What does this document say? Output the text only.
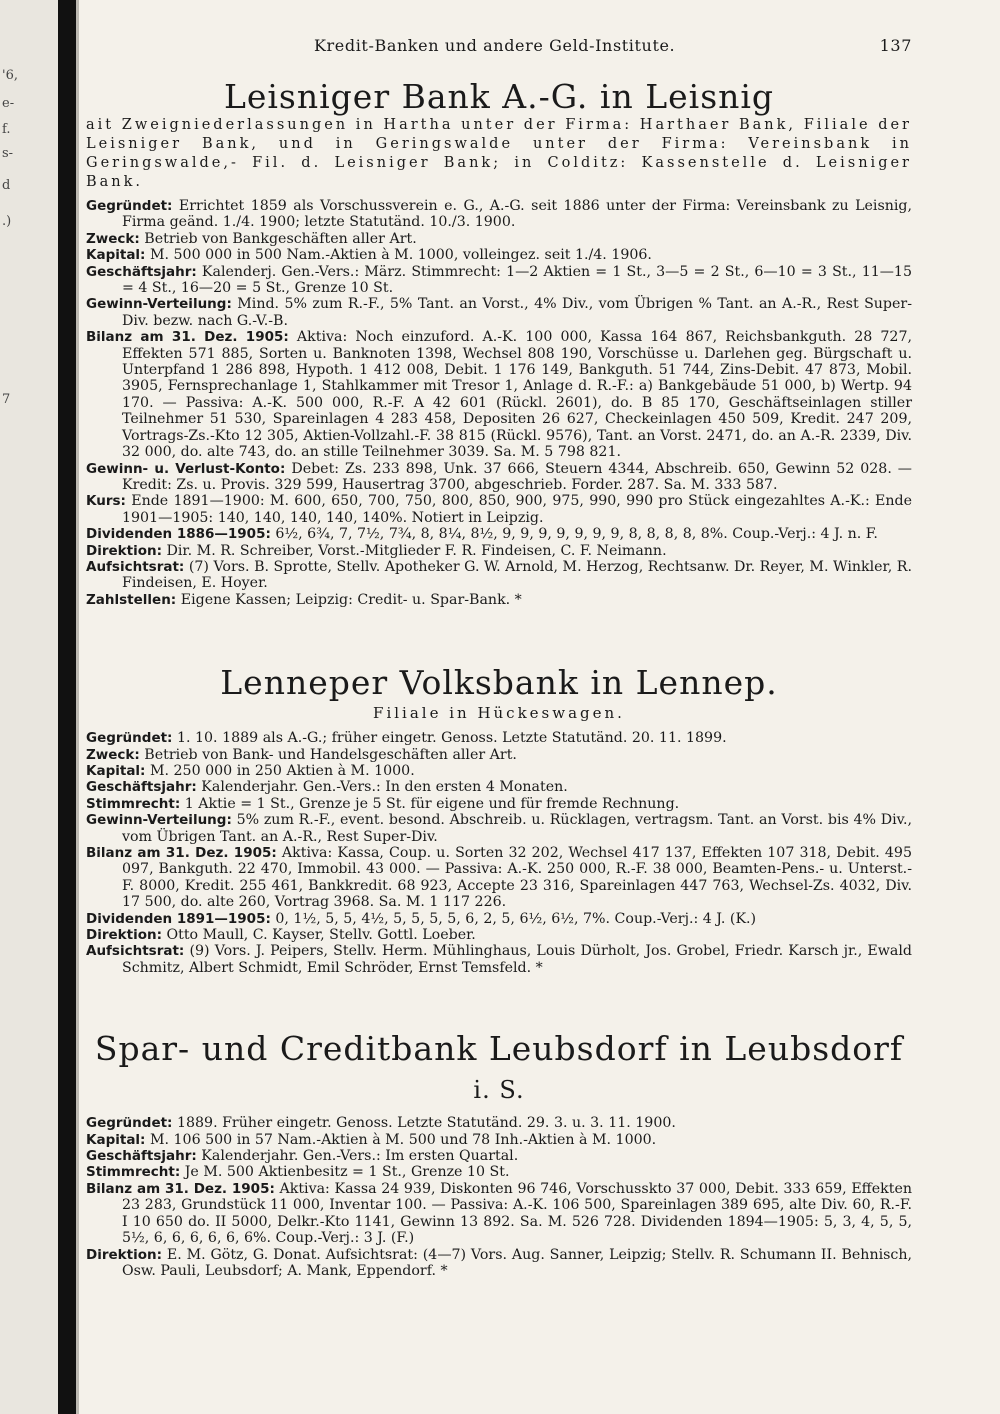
'6,
e-
f.
s-
d
.)
7
Kredit-Banken und andere Geld-Institute.	137
Leisniger Bank A.-G. in Leisnig

ait Zweigniederlassungen in Hartha unter der Firma: Harthaer Bank, Filiale der Leisniger Bank, und in Geringswalde unter der Firma: Vereinsbank in Geringswalde,- Fil. d. Leisniger Bank; in Colditz: Kassenstelle d. Leisniger Bank.

Gegründet: Errichtet 1859 als Vorschussverein e. G., A.-G. seit 1886 unter der Firma: Vereinsbank zu Leisnig, Firma geänd. 1./4. 1900; letzte Statutänd. 10./3. 1900.

Zweck: Betrieb von Bankgeschäften aller Art.

Kapital: M. 500 000 in 500 Nam.-Aktien à M. 1000, volleingez. seit 1./4. 1906.

Geschäftsjahr: Kalenderj. Gen.-Vers.: März. Stimmrecht: 1—2 Aktien = 1 St., 3—5 = 2 St., 6—10 = 3 St., 11—15 = 4 St., 16—20 = 5 St., Grenze 10 St.

Gewinn-Verteilung: Mind. 5% zum R.-F., 5% Tant. an Vorst., 4% Div., vom Übrigen % Tant. an A.-R., Rest Super-Div. bezw. nach G.-V.-B.

Bilanz am 31. Dez. 1905: Aktiva: Noch einzuford. A.-K. 100 000, Kassa 164 867, Reichsbankguth. 28 727, Effekten 571 885, Sorten u. Banknoten 1398, Wechsel 808 190, Vorschüsse u. Darlehen geg. Bürgschaft u. Unterpfand 1 286 898, Hypoth. 1 412 008, Debit. 1 176 149, Bankguth. 51 744, Zins-Debit. 47 873, Mobil. 3905, Fernsprechanlage 1, Stahlkammer mit Tresor 1, Anlage d. R.-F.: a) Bankgebäude 51 000, b) Wertp. 94 170. — Passiva: A.-K. 500 000, R.-F. A 42 601 (Rückl. 2601), do. B 85 170, Geschäftseinlagen stiller Teilnehmer 51 530, Spareinlagen 4 283 458, Depositen 26 627, Checkeinlagen 450 509, Kredit. 247 209, Vortrags-Zs.-Kto 12 305, Aktien-Vollzahl.-F. 38 815 (Rückl. 9576), Tant. an Vorst. 2471, do. an A.-R. 2339, Div. 32 000, do. alte 743, do. an stille Teilnehmer 3039. Sa. M. 5 798 821.

Gewinn- u. Verlust-Konto: Debet: Zs. 233 898, Unk. 37 666, Steuern 4344, Abschreib. 650, Gewinn 52 028. — Kredit: Zs. u. Provis. 329 599, Hausertrag 3700, abgeschrieb. Forder. 287. Sa. M. 333 587.

Kurs: Ende 1891—1900: M. 600, 650, 700, 750, 800, 850, 900, 975, 990, 990 pro Stück eingezahltes A.-K.: Ende 1901—1905: 140, 140, 140, 140, 140%. Notiert in Leipzig.

Dividenden 1886—1905: 6½, 6¾, 7, 7½, 7¾, 8, 8¼, 8½, 9, 9, 9, 9, 9, 9, 9, 8, 8, 8, 8, 8%. Coup.-Verj.: 4 J. n. F.

Direktion: Dir. M. R. Schreiber, Vorst.-Mitglieder F. R. Findeisen, C. F. Neimann.

Aufsichtsrat: (7) Vors. B. Sprotte, Stellv. Apotheker G. W. Arnold, M. Herzog, Rechtsanw. Dr. Reyer, M. Winkler, R. Findeisen, E. Hoyer.

Zahlstellen: Eigene Kassen; Leipzig: Credit- u. Spar-Bank. *

Lenneper Volksbank in Lennep.
Filiale in Hückeswagen.

Gegründet: 1. 10. 1889 als A.-G.; früher eingetr. Genoss. Letzte Statutänd. 20. 11. 1899.

Zweck: Betrieb von Bank- und Handelsgeschäften aller Art.

Kapital: M. 250 000 in 250 Aktien à M. 1000.

Geschäftsjahr: Kalenderjahr. Gen.-Vers.: In den ersten 4 Monaten.

Stimmrecht: 1 Aktie = 1 St., Grenze je 5 St. für eigene und für fremde Rechnung.

Gewinn-Verteilung: 5% zum R.-F., event. besond. Abschreib. u. Rücklagen, vertragsm. Tant. an Vorst. bis 4% Div., vom Übrigen Tant. an A.-R., Rest Super-Div.

Bilanz am 31. Dez. 1905: Aktiva: Kassa, Coup. u. Sorten 32 202, Wechsel 417 137, Effekten 107 318, Debit. 495 097, Bankguth. 22 470, Immobil. 43 000. — Passiva: A.-K. 250 000, R.-F. 38 000, Beamten-Pens.- u. Unterst.-F. 8000, Kredit. 255 461, Bankkredit. 68 923, Accepte 23 316, Spareinlagen 447 763, Wechsel-Zs. 4032, Div. 17 500, do. alte 260, Vortrag 3968. Sa. M. 1 117 226.

Dividenden 1891—1905: 0, 1½, 5, 5, 4½, 5, 5, 5, 5, 6, 2, 5, 6½, 6½, 7%. Coup.-Verj.: 4 J. (K.)

Direktion: Otto Maull, C. Kayser, Stellv. Gottl. Loeber.

Aufsichtsrat: (9) Vors. J. Peipers, Stellv. Herm. Mühlinghaus, Louis Dürholt, Jos. Grobel, Friedr. Karsch jr., Ewald Schmitz, Albert Schmidt, Emil Schröder, Ernst Temsfeld. *

Spar- und Creditbank Leubsdorf in Leubsdorf i. S.

Gegründet: 1889. Früher eingetr. Genoss. Letzte Statutänd. 29. 3. u. 3. 11. 1900.

Kapital: M. 106 500 in 57 Nam.-Aktien à M. 500 und 78 Inh.-Aktien à M. 1000.

Geschäftsjahr: Kalenderjahr. Gen.-Vers.: Im ersten Quartal.

Stimmrecht: Je M. 500 Aktienbesitz = 1 St., Grenze 10 St.

Bilanz am 31. Dez. 1905: Aktiva: Kassa 24 939, Diskonten 96 746, Vorschusskto 37 000, Debit. 333 659, Effekten 23 283, Grundstück 11 000, Inventar 100. — Passiva: A.-K. 106 500, Spareinlagen 389 695, alte Div. 60, R.-F. I 10 650 do. II 5000, Delkr.-Kto 1141, Gewinn 13 892. Sa. M. 526 728. Dividenden 1894—1905: 5, 3, 4, 5, 5, 5½, 6, 6, 6, 6, 6, 6%. Coup.-Verj.: 3 J. (F.)

Direktion: E. M. Götz, G. Donat. Aufsichtsrat: (4—7) Vors. Aug. Sanner, Leipzig; Stellv. R. Schumann II. Behnisch, Osw. Pauli, Leubsdorf; A. Mank, Eppendorf. *
